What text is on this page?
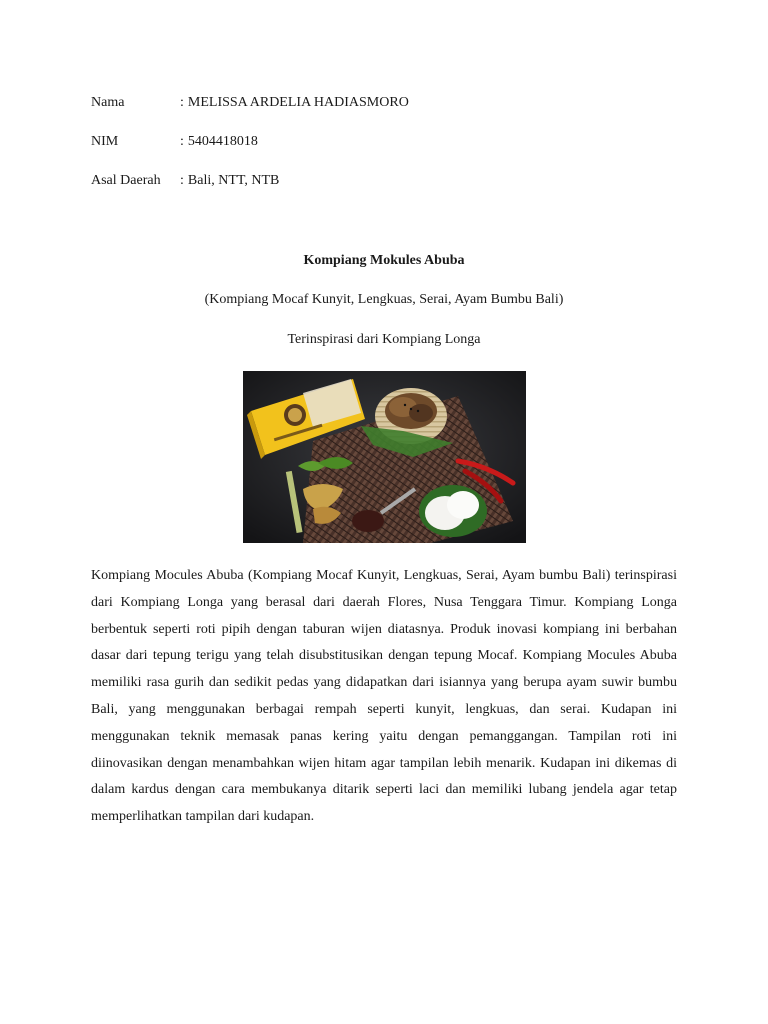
Nama	: MELISSA ARDELIA HADIASMORO
NIM	: 5404418018
Asal Daerah	: Bali, NTT, NTB
Kompiang Mokules Abuba
(Kompiang Mocaf Kunyit, Lengkuas, Serai, Ayam Bumbu Bali)
Terinspirasi dari Kompiang Longa
Kompiang Mocules Abuba (Kompiang Mocaf Kunyit, Lengkuas, Serai, Ayam bumbu Bali) terinspirasi dari Kompiang Longa yang berasal dari daerah Flores, Nusa Tenggara Timur. Kompiang Longa berbentuk seperti roti pipih dengan taburan wijen diatasnya. Produk inovasi kompiang ini berbahan dasar dari tepung terigu yang telah disubstitusikan dengan tepung Mocaf. Kompiang Mocules Abuba memiliki rasa gurih dan sedikit pedas yang didapatkan dari isiannya yang berupa ayam suwir bumbu Bali, yang menggunakan berbagai rempah seperti kunyit, lengkuas, dan serai. Kudapan ini menggunakan teknik memasak panas kering yaitu dengan pemanggangan. Tampilan roti ini diinovasikan dengan menambahkan wijen hitam agar tampilan lebih menarik. Kudapan ini dikemas di dalam kardus dengan cara membukanya ditarik seperti laci dan memiliki lubang jendela agar tetap memperlihatkan tampilan dari kudapan.
